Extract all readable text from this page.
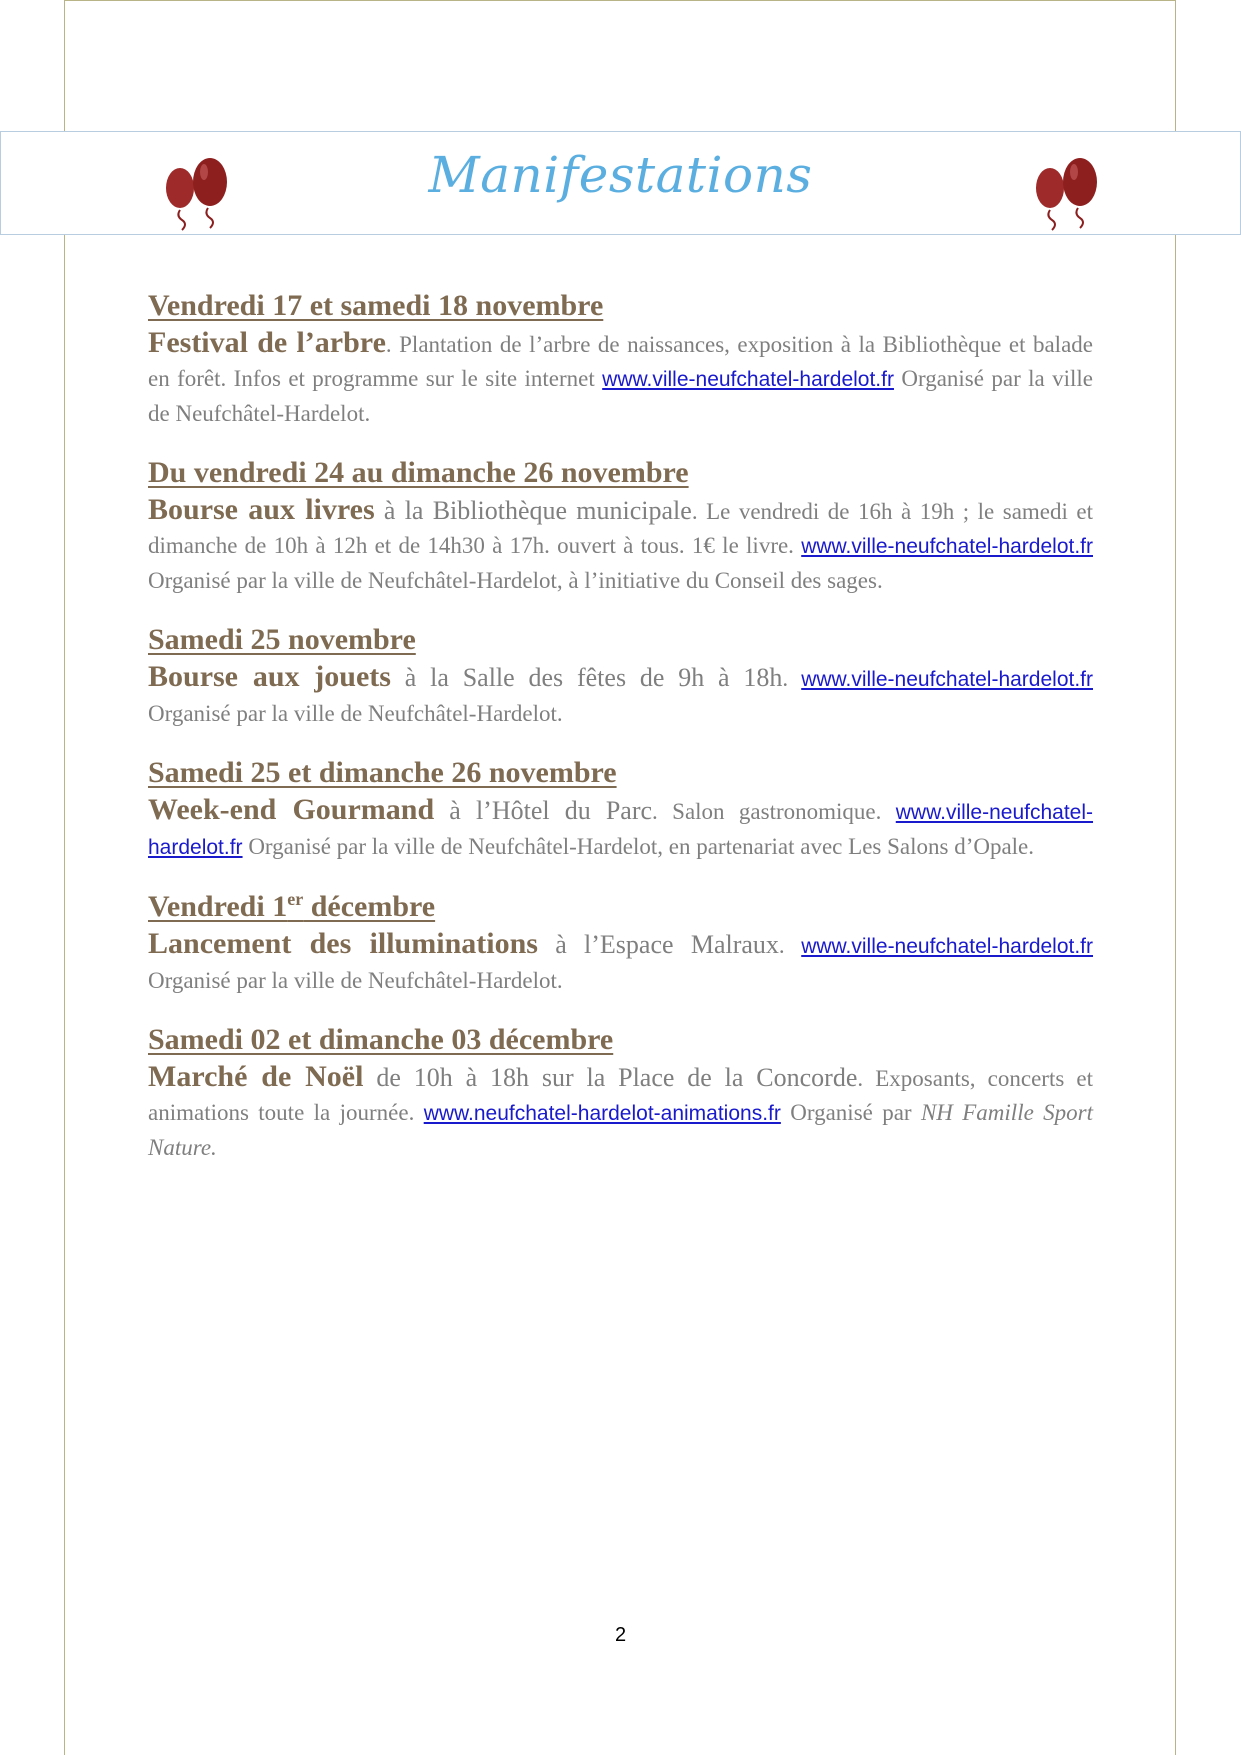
Manifestations
Vendredi 17 et samedi 18 novembre
Festival de l’arbre. Plantation de l’arbre de naissances, exposition à la Bibliothèque et balade en forêt. Infos et programme sur le site internet www.ville-neufchatel-hardelot.fr Organisé par la ville de Neufchâtel-Hardelot.
Du vendredi 24 au dimanche 26 novembre
Bourse aux livres à la Bibliothèque municipale. Le vendredi de 16h à 19h ; le samedi et dimanche de 10h à 12h et de 14h30 à 17h. ouvert à tous. 1€ le livre. www.ville-neufchatel-hardelot.fr Organisé par la ville de Neufchâtel-Hardelot, à l’initiative du Conseil des sages.
Samedi 25 novembre
Bourse aux jouets à la Salle des fêtes de 9h à 18h. www.ville-neufchatel-hardelot.fr Organisé par la ville de Neufchâtel-Hardelot.
Samedi 25 et dimanche 26 novembre
Week-end Gourmand à l’Hôtel du Parc. Salon gastronomique. www.ville-neufchatel-hardelot.fr Organisé par la ville de Neufchâtel-Hardelot, en partenariat avec Les Salons d’Opale.
Vendredi 1er décembre
Lancement des illuminations à l’Espace Malraux. www.ville-neufchatel-hardelot.fr Organisé par la ville de Neufchâtel-Hardelot.
Samedi 02 et dimanche 03 décembre
Marché de Noël de 10h à 18h sur la Place de la Concorde. Exposants, concerts et animations toute la journée. www.neufchatel-hardelot-animations.fr Organisé par NH Famille Sport Nature.
2
